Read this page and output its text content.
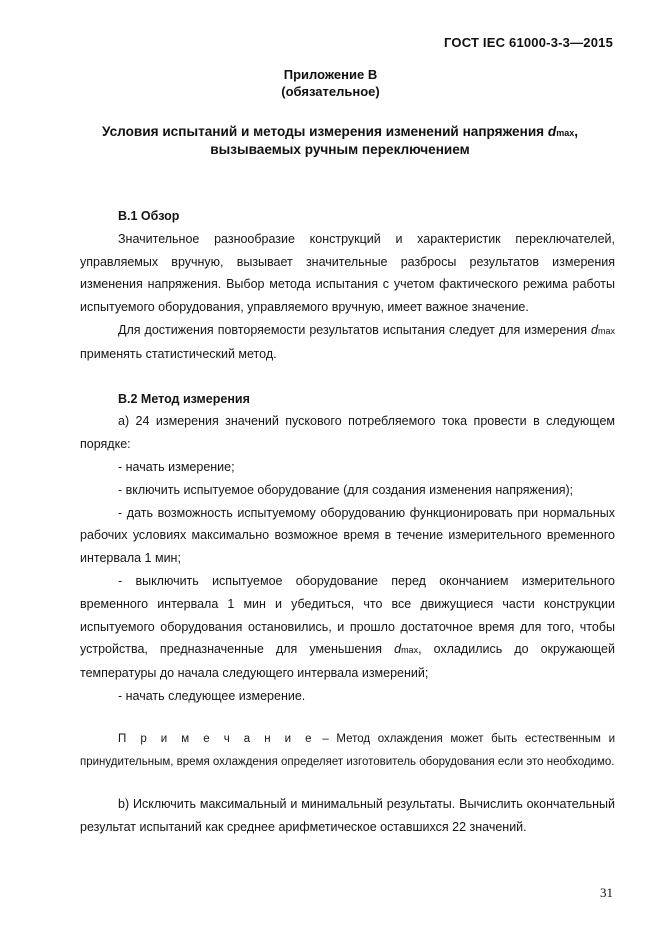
ГОСТ IEC 61000-3-3—2015
Приложение В
(обязательное)
Условия испытаний и методы измерения изменений напряжения dmax,
вызываемых ручным переключением
В.1 Обзор

Значительное разнообразие конструкций и характеристик переключателей, управляемых вручную, вызывает значительные разбросы результатов измерения изменения напряжения. Выбор метода испытания с учетом фактического режима работы испытуемого оборудования, управляемого вручную, имеет важное значение.

Для достижения повторяемости результатов испытания следует для измерения dmax применять статистический метод.

В.2 Метод измерения

а) 24 измерения значений пускового потребляемого тока провести в следующем порядке:

- начать измерение;

- включить испытуемое оборудование (для создания изменения напряжения);

- дать возможность испытуемому оборудованию функционировать при нормальных рабочих условиях максимально возможное время в течение измерительного временного интервала 1 мин;

- выключить испытуемое оборудование перед окончанием измерительного временного интервала 1 мин и убедиться, что все движущиеся части конструкции испытуемого оборудования остановились, и прошло достаточное время для того, чтобы устройства, предназначенные для уменьшения dmax, охладились до окружающей температуры до начала следующего интервала измерений;

- начать следующее измерение.

П р и м е ч а н и е – Метод охлаждения может быть естественным и принудительным, время охлаждения определяет изготовитель оборудования если это необходимо.

b) Исключить максимальный и минимальный результаты. Вычислить окончательный результат испытаний как среднее арифметическое оставшихся 22 значений.

31
